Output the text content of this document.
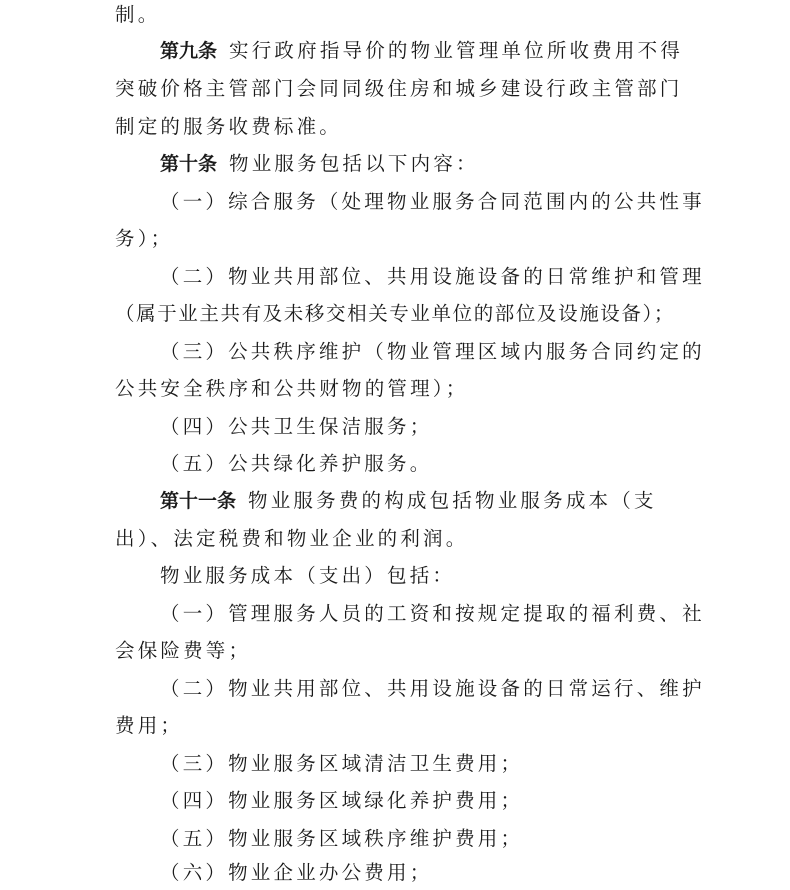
制。
第九条 实行政府指导价的物业管理单位所收费用不得
突破价格主管部门会同同级住房和城乡建设行政主管部门
制定的服务收费标准。
第十条 物业服务包括以下内容：
（一）综合服务（处理物业服务合同范围内的公共性事
务）；
（二）物业共用部位、共用设施设备的日常维护和管理
（属于业主共有及未移交相关专业单位的部位及设施设备）；
（三）公共秩序维护（物业管理区域内服务合同约定的
公共安全秩序和公共财物的管理）；
（四）公共卫生保洁服务；
（五）公共绿化养护服务。
第十一条 物业服务费的构成包括物业服务成本（支
出）、法定税费和物业企业的利润。
物业服务成本（支出）包括：
（一）管理服务人员的工资和按规定提取的福利费、社
会保险费等；
（二）物业共用部位、共用设施设备的日常运行、维护
费用；
（三）物业服务区域清洁卫生费用；
（四）物业服务区域绿化养护费用；
（五）物业服务区域秩序维护费用；
（六）物业企业办公费用；
